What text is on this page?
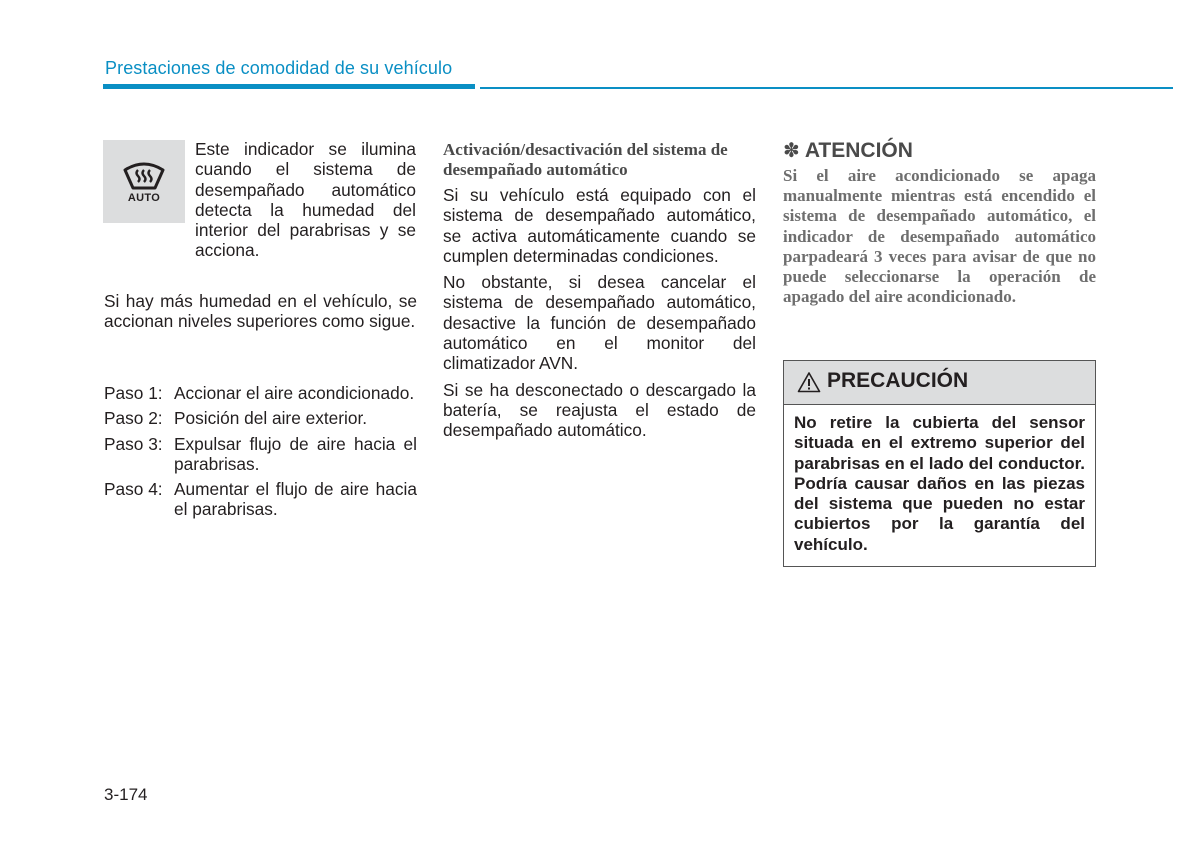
Prestaciones de comodidad de su vehículo
AUTO
Este indicador se ilumina cuando el sistema de desempañado automático detecta la humedad del interior del parabrisas y se acciona.
Si hay más humedad en el vehículo, se accionan niveles superiores como sigue.
Paso 1: Accionar el aire acondicionado.
Paso 2: Posición del aire exterior.
Paso 3: Expulsar flujo de aire hacia el parabrisas.
Paso 4: Aumentar el flujo de aire hacia el parabrisas.
Activación/desactivación del sistema de desempañado automático
Si su vehículo está equipado con el sistema de desempañado automático, se activa automáticamente cuando se cumplen determinadas condiciones.
No obstante, si desea cancelar el sistema de desempañado automático, desactive la función de desempañado automático en el monitor del climatizador AVN.
Si se ha desconectado o descargado la batería, se reajusta el estado de desempañado automático.
✽ ATENCIÓN
Si el aire acondicionado se apaga manualmente mientras está encendido el sistema de desempañado automático, el indicador de desempañado automático parpadeará 3 veces para avisar de que no puede seleccionarse la operación de apagado del aire acondicionado.
PRECAUCIÓN
No retire la cubierta del sensor situada en el extremo superior del parabrisas en el lado del conductor. Podría causar daños en las piezas del sistema que pueden no estar cubiertos por la garantía del vehículo.
3-174
